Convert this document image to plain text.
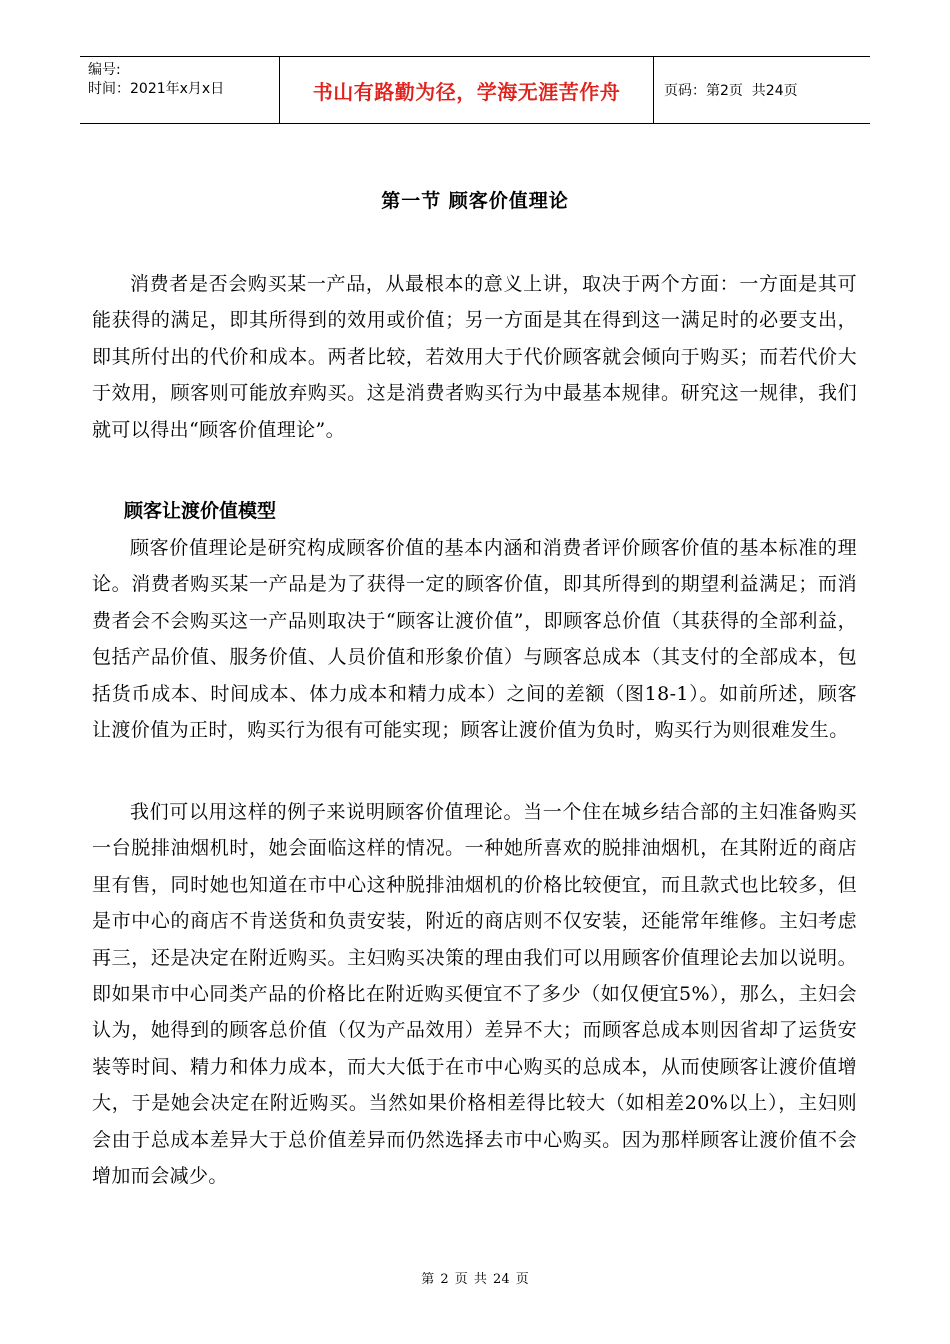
编号:
时间：2021年x月x日	书山有路勤为径，学海无涯苦作舟	页码：第2页  共24页
第一节 顾客价值理论
消费者是否会购买某一产品，从最根本的意义上讲，取决于两个方面：一方面是其可能获得的满足，即其所得到的效用或价值；另一方面是其在得到这一满足时的必要支出，即其所付出的代价和成本。两者比较，若效用大于代价顾客就会倾向于购买；而若代价大于效用，顾客则可能放弃购买。这是消费者购买行为中最基本规律。研究这一规律，我们就可以得出“顾客价值理论”。
顾客让渡价值模型
顾客价值理论是研究构成顾客价值的基本内涵和消费者评价顾客价值的基本标准的理论。消费者购买某一产品是为了获得一定的顾客价值，即其所得到的期望利益满足；而消费者会不会购买这一产品则取决于“顾客让渡价值”，即顾客总价值（其获得的全部利益，包括产品价值、服务价值、人员价值和形象价值）与顾客总成本（其支付的全部成本，包括货币成本、时间成本、体力成本和精力成本）之间的差额（图18-1）。如前所述，顾客让渡价值为正时，购买行为很有可能实现；顾客让渡价值为负时，购买行为则很难发生。
我们可以用这样的例子来说明顾客价值理论。当一个住在城乡结合部的主妇准备购买一台脱排油烟机时，她会面临这样的情况。一种她所喜欢的脱排油烟机，在其附近的商店里有售，同时她也知道在市中心这种脱排油烟机的价格比较便宜，而且款式也比较多，但是市中心的商店不肯送货和负责安装，附近的商店则不仅安装，还能常年维修。主妇考虑再三，还是决定在附近购买。主妇购买决策的理由我们可以用顾客价值理论去加以说明。即如果市中心同类产品的价格比在附近购买便宜不了多少（如仅便宜5%），那么，主妇会认为，她得到的顾客总价值（仅为产品效用）差异不大；而顾客总成本则因省却了运货安装等时间、精力和体力成本，而大大低于在市中心购买的总成本，从而使顾客让渡价值增大，于是她会决定在附近购买。当然如果价格相差得比较大（如相差20%以上），主妇则会由于总成本差异大于总价值差异而仍然选择去市中心购买。因为那样顾客让渡价值不会增加而会减少。
第 2 页 共 24 页
